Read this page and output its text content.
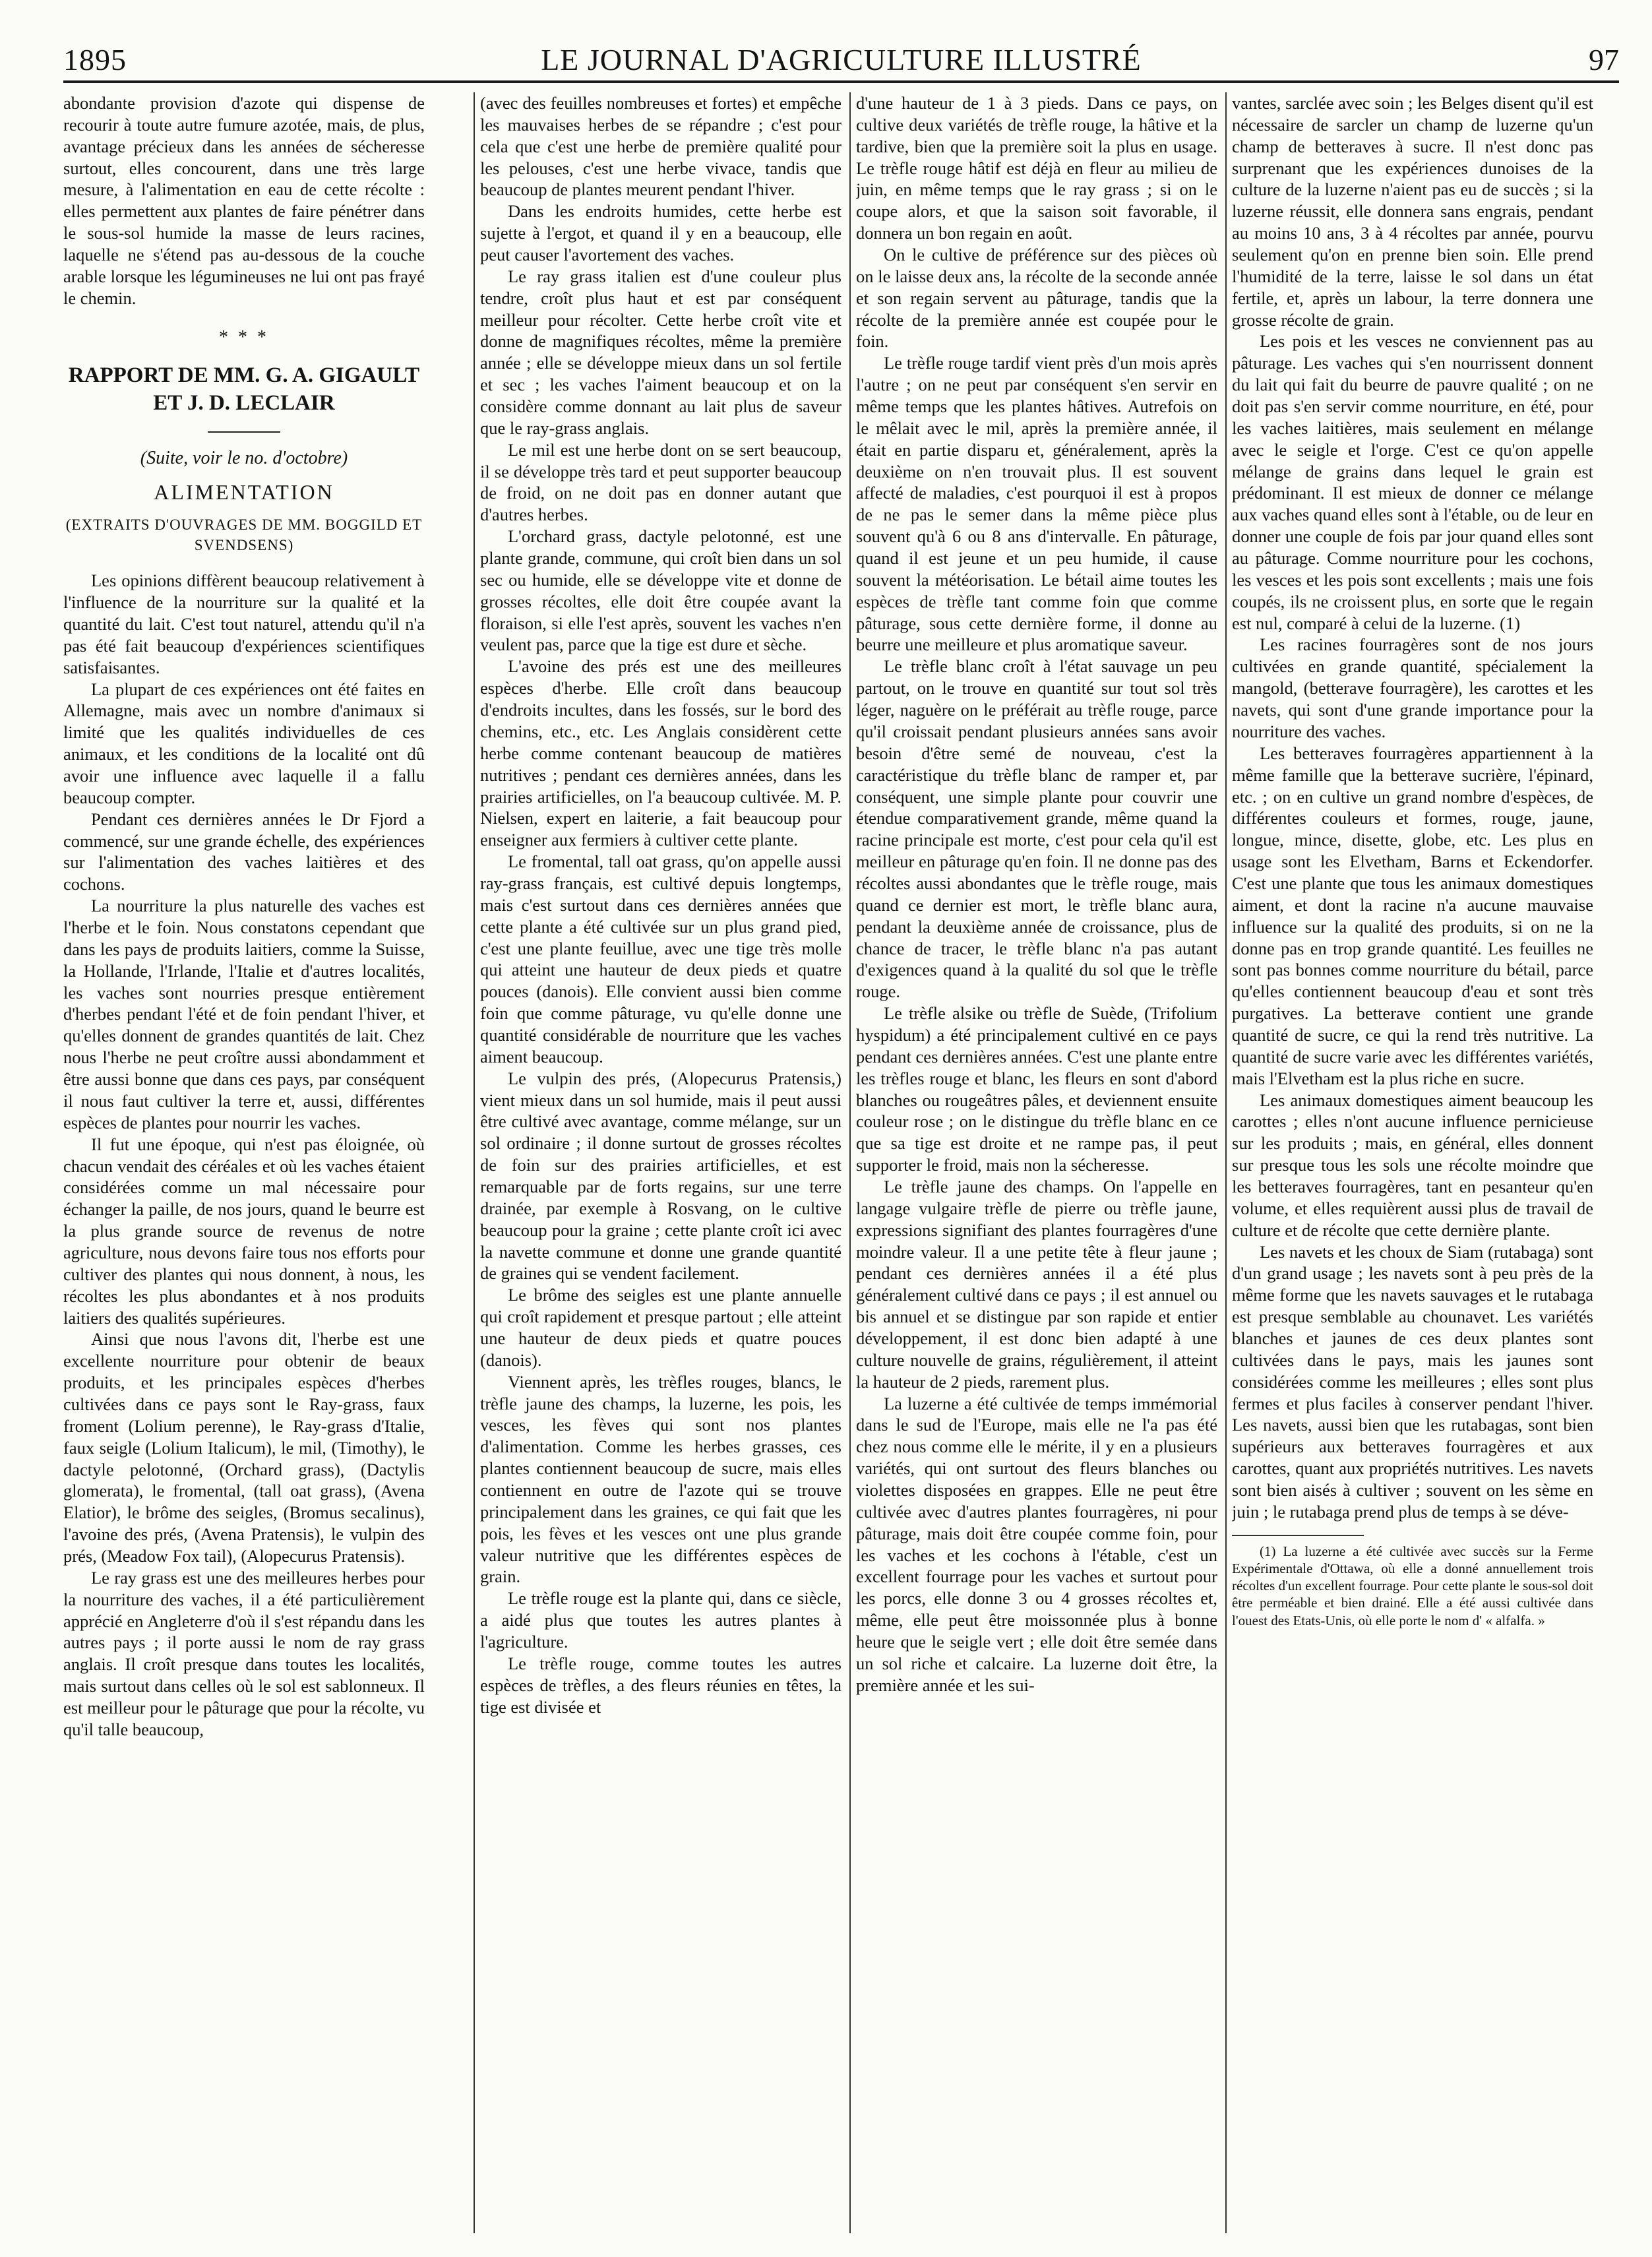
1895	LE JOURNAL D'AGRICULTURE ILLUSTRÉ	97

abondante provision d'azote qui dispense de recourir à toute autre fumure azotée, mais, de plus, avantage précieux dans les années de sécheresse surtout, elles concourent, dans une très large mesure, à l'alimentation en eau de cette récolte : elles permettent aux plantes de faire pénétrer dans le sous-sol humide la masse de leurs racines, laquelle ne s'étend pas au-dessous de la couche arable lorsque les légumineuses ne lui ont pas frayé le chemin.

* * *
RAPPORT DE MM. G. A. GIGAULT
ET J. D. LECLAIR
(Suite, voir le no. d'octobre)
ALIMENTATION
(EXTRAITS D'OUVRAGES DE MM. BOGGILD ET SVENDSENS)

Les opinions diffèrent beaucoup relativement à l'influence de la nourriture sur la qualité et la quantité du lait. C'est tout naturel, attendu qu'il n'a pas été fait beaucoup d'expériences scientifiques satisfaisantes.

La plupart de ces expériences ont été faites en Allemagne, mais avec un nombre d'animaux si limité que les qualités individuelles de ces animaux, et les conditions de la localité ont dû avoir une influence avec laquelle il a fallu beaucoup compter.

Pendant ces dernières années le Dr Fjord a commencé, sur une grande échelle, des expériences sur l'alimentation des vaches laitières et des cochons.

La nourriture la plus naturelle des vaches est l'herbe et le foin. Nous constatons cependant que dans les pays de produits laitiers, comme la Suisse, la Hollande, l'Irlande, l'Italie et d'autres localités, les vaches sont nourries presque entièrement d'herbes pendant l'été et de foin pendant l'hiver, et qu'elles donnent de grandes quantités de lait. Chez nous l'herbe ne peut croître aussi abondamment et être aussi bonne que dans ces pays, par conséquent il nous faut cultiver la terre et, aussi, différentes espèces de plantes pour nourrir les vaches.

Il fut une époque, qui n'est pas éloignée, où chacun vendait des céréales et où les vaches étaient considérées comme un mal nécessaire pour échanger la paille, de nos jours, quand le beurre est la plus grande source de revenus de notre agriculture, nous devons faire tous nos efforts pour cultiver des plantes qui nous donnent, à nous, les récoltes les plus abondantes et à nos produits laitiers des qualités supérieures.

Ainsi que nous l'avons dit, l'herbe est une excellente nourriture pour obtenir de beaux produits, et les principales espèces d'herbes cultivées dans ce pays sont le Ray-grass, faux froment (Lolium perenne), le Ray-grass d'Italie, faux seigle (Lolium Italicum), le mil, (Timothy), le dactyle pelotonné, (Orchard grass), (Dactylis glomerata), le fromental, (tall oat grass), (Avena Elatior), le brôme des seigles, (Bromus secalinus), l'avoine des prés, (Avena Pratensis), le vulpin des prés, (Meadow Fox tail), (Alopecurus Pratensis).

Le ray grass est une des meilleures herbes pour la nourriture des vaches, il a été particulièrement apprécié en Angleterre d'où il s'est répandu dans les autres pays ; il porte aussi le nom de ray grass anglais. Il croît presque dans toutes les localités, mais surtout dans celles où le sol est sablonneux. Il est meilleur pour le pâturage que pour la récolte, vu qu'il talle beaucoup,

(avec des feuilles nombreuses et fortes) et empêche les mauvaises herbes de se répandre ; c'est pour cela que c'est une herbe de première qualité pour les pelouses, c'est une herbe vivace, tandis que beaucoup de plantes meurent pendant l'hiver.

Dans les endroits humides, cette herbe est sujette à l'ergot, et quand il y en a beaucoup, elle peut causer l'avortement des vaches.

Le ray grass italien est d'une couleur plus tendre, croît plus haut et est par conséquent meilleur pour récolter. Cette herbe croît vite et donne de magnifiques récoltes, même la première année ; elle se développe mieux dans un sol fertile et sec ; les vaches l'aiment beaucoup et on la considère comme donnant au lait plus de saveur que le ray-grass anglais.

Le mil est une herbe dont on se sert beaucoup, il se développe très tard et peut supporter beaucoup de froid, on ne doit pas en donner autant que d'autres herbes.

L'orchard grass, dactyle pelotonné, est une plante grande, commune, qui croît bien dans un sol sec ou humide, elle se développe vite et donne de grosses récoltes, elle doit être coupée avant la floraison, si elle l'est après, souvent les vaches n'en veulent pas, parce que la tige est dure et sèche.

L'avoine des prés est une des meilleures espèces d'herbe. Elle croît dans beaucoup d'endroits incultes, dans les fossés, sur le bord des chemins, etc., etc. Les Anglais considèrent cette herbe comme contenant beaucoup de matières nutritives ; pendant ces dernières années, dans les prairies artificielles, on l'a beaucoup cultivée. M. P. Nielsen, expert en laiterie, a fait beaucoup pour enseigner aux fermiers à cultiver cette plante.

Le fromental, tall oat grass, qu'on appelle aussi ray-grass français, est cultivé depuis longtemps, mais c'est surtout dans ces dernières années que cette plante a été cultivée sur un plus grand pied, c'est une plante feuillue, avec une tige très molle qui atteint une hauteur de deux pieds et quatre pouces (danois). Elle convient aussi bien comme foin que comme pâturage, vu qu'elle donne une quantité considérable de nourriture que les vaches aiment beaucoup.

Le vulpin des prés, (Alopecurus Pratensis,) vient mieux dans un sol humide, mais il peut aussi être cultivé avec avantage, comme mélange, sur un sol ordinaire ; il donne surtout de grosses récoltes de foin sur des prairies artificielles, et est remarquable par de forts regains, sur une terre drainée, par exemple à Rosvang, on le cultive beaucoup pour la graine ; cette plante croît ici avec la navette commune et donne une grande quantité de graines qui se vendent facilement.

Le brôme des seigles est une plante annuelle qui croît rapidement et presque partout ; elle atteint une hauteur de deux pieds et quatre pouces (danois).

Viennent après, les trèfles rouges, blancs, le trèfle jaune des champs, la luzerne, les pois, les vesces, les fèves qui sont nos plantes d'alimentation. Comme les herbes grasses, ces plantes contiennent beaucoup de sucre, mais elles contiennent en outre de l'azote qui se trouve principalement dans les graines, ce qui fait que les pois, les fèves et les vesces ont une plus grande valeur nutritive que les différentes espèces de grain.

Le trèfle rouge est la plante qui, dans ce siècle, a aidé plus que toutes les autres plantes à l'agriculture.

Le trèfle rouge, comme toutes les autres espèces de trèfles, a des fleurs réunies en têtes, la tige est divisée et

d'une hauteur de 1 à 3 pieds. Dans ce pays, on cultive deux variétés de trèfle rouge, la hâtive et la tardive, bien que la première soit la plus en usage. Le trèfle rouge hâtif est déjà en fleur au milieu de juin, en même temps que le ray grass ; si on le coupe alors, et que la saison soit favorable, il donnera un bon regain en août.

On le cultive de préférence sur des pièces où on le laisse deux ans, la récolte de la seconde année et son regain servent au pâturage, tandis que la récolte de la première année est coupée pour le foin.

Le trèfle rouge tardif vient près d'un mois après l'autre ; on ne peut par conséquent s'en servir en même temps que les plantes hâtives. Autrefois on le mêlait avec le mil, après la première année, il était en partie disparu et, généralement, après la deuxième on n'en trouvait plus. Il est souvent affecté de maladies, c'est pourquoi il est à propos de ne pas le semer dans la même pièce plus souvent qu'à 6 ou 8 ans d'intervalle. En pâturage, quand il est jeune et un peu humide, il cause souvent la météorisation. Le bétail aime toutes les espèces de trèfle tant comme foin que comme pâturage, sous cette dernière forme, il donne au beurre une meilleure et plus aromatique saveur.

Le trèfle blanc croît à l'état sauvage un peu partout, on le trouve en quantité sur tout sol très léger, naguère on le préférait au trèfle rouge, parce qu'il croissait pendant plusieurs années sans avoir besoin d'être semé de nouveau, c'est la caractéristique du trèfle blanc de ramper et, par conséquent, une simple plante pour couvrir une étendue comparativement grande, même quand la racine principale est morte, c'est pour cela qu'il est meilleur en pâturage qu'en foin. Il ne donne pas des récoltes aussi abondantes que le trèfle rouge, mais quand ce dernier est mort, le trèfle blanc aura, pendant la deuxième année de croissance, plus de chance de tracer, le trèfle blanc n'a pas autant d'exigences quand à la qualité du sol que le trèfle rouge.

Le trèfle alsike ou trèfle de Suède, (Trifolium hyspidum) a été principalement cultivé en ce pays pendant ces dernières années. C'est une plante entre les trèfles rouge et blanc, les fleurs en sont d'abord blanches ou rougeâtres pâles, et deviennent ensuite couleur rose ; on le distingue du trèfle blanc en ce que sa tige est droite et ne rampe pas, il peut supporter le froid, mais non la sécheresse.

Le trèfle jaune des champs. On l'appelle en langage vulgaire trèfle de pierre ou trèfle jaune, expressions signifiant des plantes fourragères d'une moindre valeur. Il a une petite tête à fleur jaune ; pendant ces dernières années il a été plus généralement cultivé dans ce pays ; il est annuel ou bis annuel et se distingue par son rapide et entier développement, il est donc bien adapté à une culture nouvelle de grains, régulièrement, il atteint la hauteur de 2 pieds, rarement plus.

La luzerne a été cultivée de temps immémorial dans le sud de l'Europe, mais elle ne l'a pas été chez nous comme elle le mérite, il y en a plusieurs variétés, qui ont surtout des fleurs blanches ou violettes disposées en grappes. Elle ne peut être cultivée avec d'autres plantes fourragères, ni pour pâturage, mais doit être coupée comme foin, pour les vaches et les cochons à l'étable, c'est un excellent fourrage pour les vaches et surtout pour les porcs, elle donne 3 ou 4 grosses récoltes et, même, elle peut être moissonnée plus à bonne heure que le seigle vert ; elle doit être semée dans un sol riche et calcaire. La luzerne doit être, la première année et les sui-

vantes, sarclée avec soin ; les Belges disent qu'il est nécessaire de sarcler un champ de luzerne qu'un champ de betteraves à sucre. Il n'est donc pas surprenant que les expériences dunoises de la culture de la luzerne n'aient pas eu de succès ; si la luzerne réussit, elle donnera sans engrais, pendant au moins 10 ans, 3 à 4 récoltes par année, pourvu seulement qu'on en prenne bien soin. Elle prend l'humidité de la terre, laisse le sol dans un état fertile, et, après un labour, la terre donnera une grosse récolte de grain.

Les pois et les vesces ne conviennent pas au pâturage. Les vaches qui s'en nourrissent donnent du lait qui fait du beurre de pauvre qualité ; on ne doit pas s'en servir comme nourriture, en été, pour les vaches laitières, mais seulement en mélange avec le seigle et l'orge. C'est ce qu'on appelle mélange de grains dans lequel le grain est prédominant. Il est mieux de donner ce mélange aux vaches quand elles sont à l'étable, ou de leur en donner une couple de fois par jour quand elles sont au pâturage. Comme nourriture pour les cochons, les vesces et les pois sont excellents ; mais une fois coupés, ils ne croissent plus, en sorte que le regain est nul, comparé à celui de la luzerne. (1)

Les racines fourragères sont de nos jours cultivées en grande quantité, spécialement la mangold, (betterave fourragère), les carottes et les navets, qui sont d'une grande importance pour la nourriture des vaches.

Les betteraves fourragères appartiennent à la même famille que la betterave sucrière, l'épinard, etc. ; on en cultive un grand nombre d'espèces, de différentes couleurs et formes, rouge, jaune, longue, mince, disette, globe, etc. Les plus en usage sont les Elvetham, Barns et Eckendorfer. C'est une plante que tous les animaux domestiques aiment, et dont la racine n'a aucune mauvaise influence sur la qualité des produits, si on ne la donne pas en trop grande quantité. Les feuilles ne sont pas bonnes comme nourriture du bétail, parce qu'elles contiennent beaucoup d'eau et sont très purgatives. La betterave contient une grande quantité de sucre, ce qui la rend très nutritive. La quantité de sucre varie avec les différentes variétés, mais l'Elvetham est la plus riche en sucre.

Les animaux domestiques aiment beaucoup les carottes ; elles n'ont aucune influence pernicieuse sur les produits ; mais, en général, elles donnent sur presque tous les sols une récolte moindre que les betteraves fourragères, tant en pesanteur qu'en volume, et elles requièrent aussi plus de travail de culture et de récolte que cette dernière plante.

Les navets et les choux de Siam (rutabaga) sont d'un grand usage ; les navets sont à peu près de la même forme que les navets sauvages et le rutabaga est presque semblable au chounavet. Les variétés blanches et jaunes de ces deux plantes sont cultivées dans le pays, mais les jaunes sont considérées comme les meilleures ; elles sont plus fermes et plus faciles à conserver pendant l'hiver. Les navets, aussi bien que les rutabagas, sont bien supérieurs aux betteraves fourragères et aux carottes, quant aux propriétés nutritives. Les navets sont bien aisés à cultiver ; souvent on les sème en juin ; le rutabaga prend plus de temps à se déve-

(1) La luzerne a été cultivée avec succès sur la Ferme Expérimentale d'Ottawa, où elle a donné annuellement trois récoltes d'un excellent fourrage. Pour cette plante le sous-sol doit être perméable et bien drainé. Elle a été aussi cultivée dans l'ouest des Etats-Unis, où elle porte le nom d' « alfalfa. »
